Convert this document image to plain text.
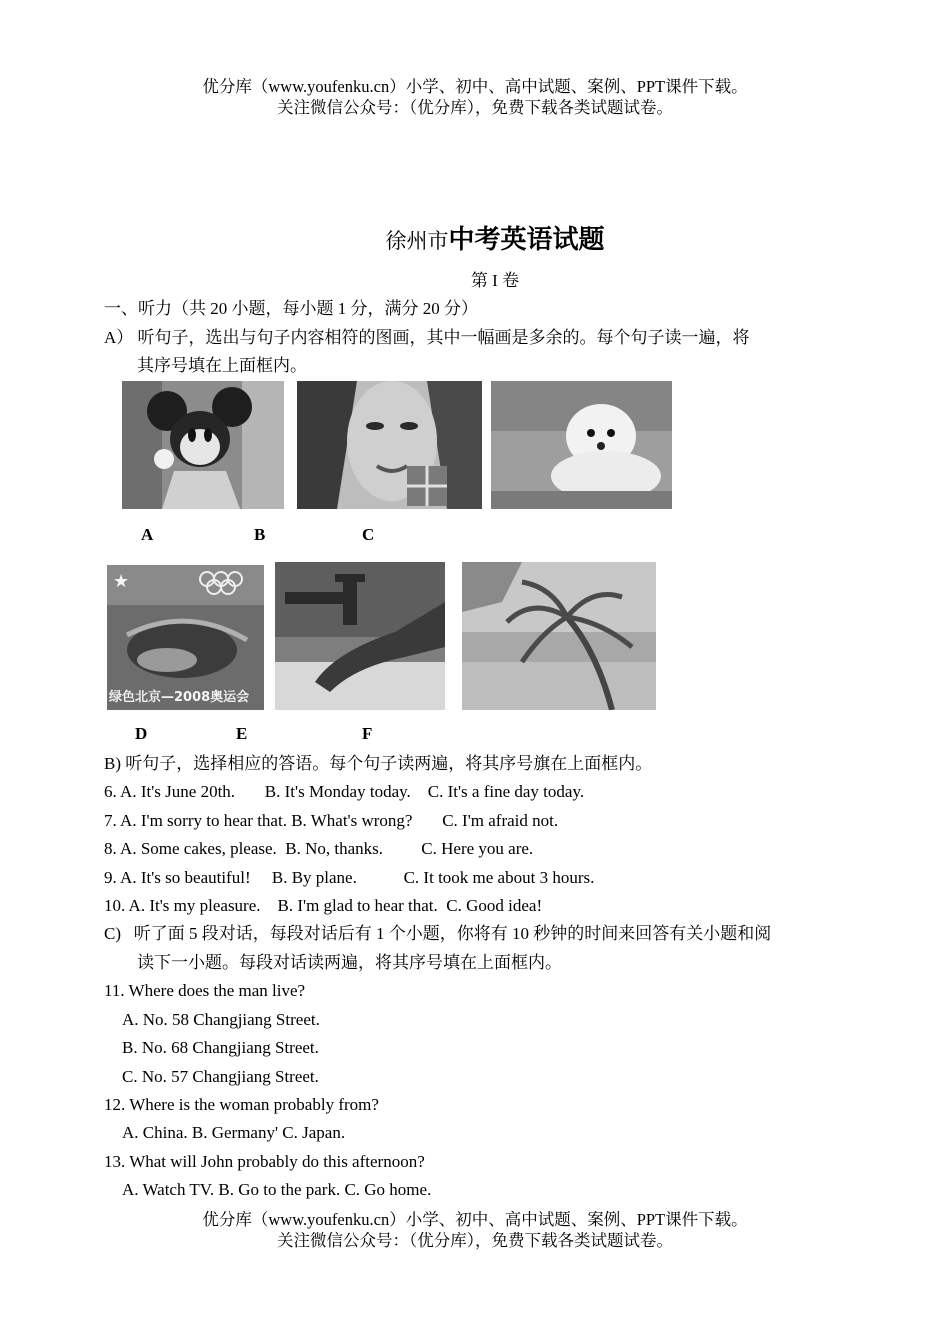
优分库（www.youfenku.cn）小学、初中、高中试题、案例、PPT课件下载。
关注微信公众号：（优分库），免费下载各类试题试卷。
徐州市中考英语试题
第 I 卷
一、听力（共 20 小题，每小题 1 分，满分 20 分）
A） 听句子，选出与句子内容相符的图画，其中一幅画是多余的。每个句子读一遍，将
其序号填在上面框内。
A	B	C
★
绿色北京—2008奥运会
D	E	F
B) 听句子，选择相应的答语。每个句子读两遍，将其序号旗在上面框内。
6. A. It's June 20th.       B. It's Monday today.    C. It's a fine day today.
7. A. I'm sorry to hear that. B. What's wrong?       C. I'm afraid not.
8. A. Some cakes, please.  B. No, thanks.         C. Here you are.
9. A. It's so beautiful!     B. By plane.           C. It took me about 3 hours.
10. A. It's my pleasure.    B. I'm glad to hear that.  C. Good idea!
C)   听了面 5 段对话，每段对话后有 1 个小题，你将有 10 秒钟的时间来回答有关小题和阅
读下一小题。每段对话读两遍，将其序号填在上面框内。
11. Where does the man live?
A. No. 58 Changjiang Street.
B. No. 68 Changjiang Street.
C. No. 57 Changjiang Street.
12. Where is the woman probably from?
A. China. B. Germany' C. Japan.
13. What will John probably do this afternoon?
A. Watch TV. B. Go to the park. C. Go home.
优分库（www.youfenku.cn）小学、初中、高中试题、案例、PPT课件下载。
关注微信公众号：（优分库），免费下载各类试题试卷。
